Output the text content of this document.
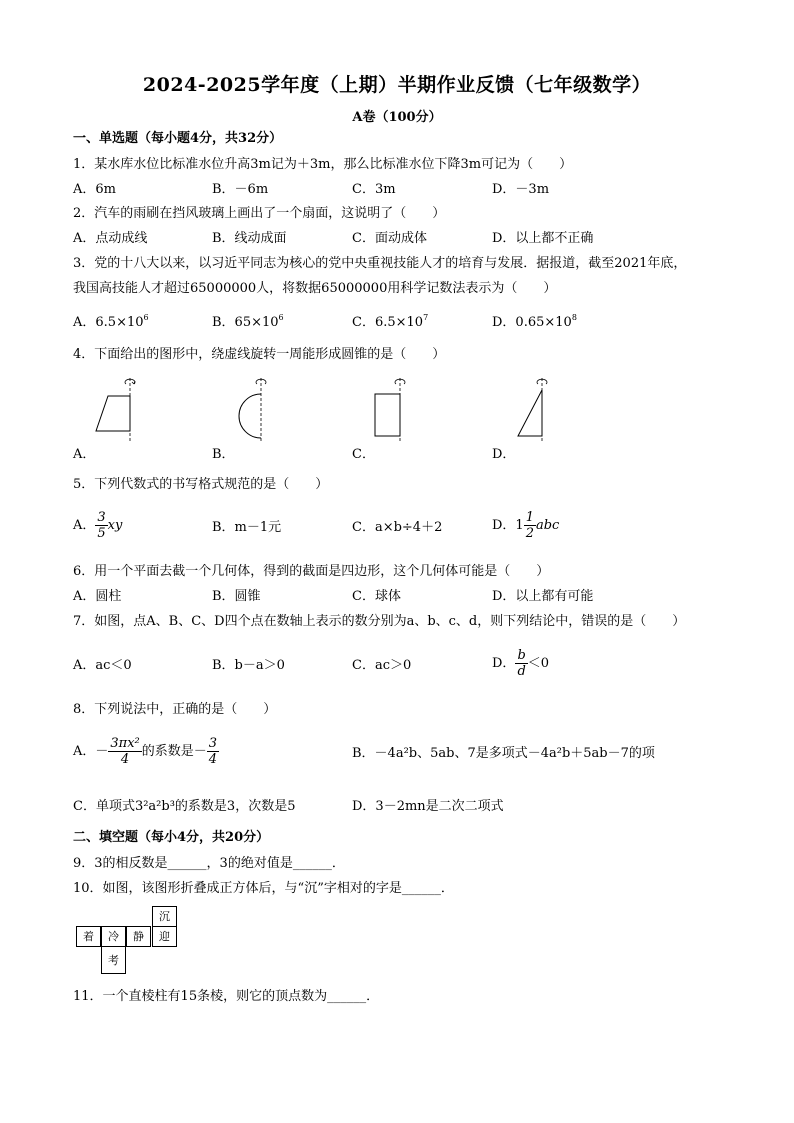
2024-2025学年度（上期）半期作业反馈（七年级数学）
A卷（100分）
一、单选题（每小题4分，共32分）
1．某水库水位比标准水位升高3m记为＋3m，那么比标准水位下降3m可记为（　　）
A．6m	B．－6m	C．3m	D．－3m
2．汽车的雨刷在挡风玻璃上画出了一个扇面，这说明了（　　）
A．点动成线	B．线动成面	C．面动成体	D．以上都不正确
3．党的十八大以来，以习近平同志为核心的党中央重视技能人才的培育与发展．据报道，截至2021年底，
我国高技能人才超过65000000人，将数据65000000用科学记数法表示为（　　）
A．$6.5\times 10^6$	B．$65\times 10^6$	C．$6.5\times 10^7$	D．$0.65\times 10^8$
4．下面给出的图形中，绕虚线旋转一周能形成圆锥的是（　　）
A．	B．	C．	D．
5．下列代数式的书写格式规范的是（　　）
A． $\frac{3}{5}$ xy	B．m－1元	C．a×b÷4＋2	D．$1 \frac{1}{2}$ abc
6．用一个平面去截一个几何体，得到的截面是四边形，这个几何体可能是（　　）
A．圆柱	B．圆锥	C．球体	D．以上都有可能
7．如图，点A、B、C、D四个点在数轴上表示的数分别为a、b、c、d，则下列结论中，错误的是（　　）
A．ac＜0	B．b－a＞0	C．ac＞0	D． $\frac{b}{d} <0$
8．下列说法中，正确的是（　　）
A．－ $\frac{\text{3πx²}}{4}$ 的系数是－ $\frac{3}{4}$	B．－4a²b、5ab、7是多项式－4a²b＋5ab－7的项
C．单项式3²a²b³的系数是3，次数是5	D．3－2mn是二次二项式
二、填空题（每小4分，共20分）
9．3的相反数是______，3的绝对值是______．
10．如图，该图形折叠成正方体后，与“沉”字相对的字是______．
沉
着	冷	静	迎
考
11．一个直棱柱有15条棱，则它的顶点数为______．
